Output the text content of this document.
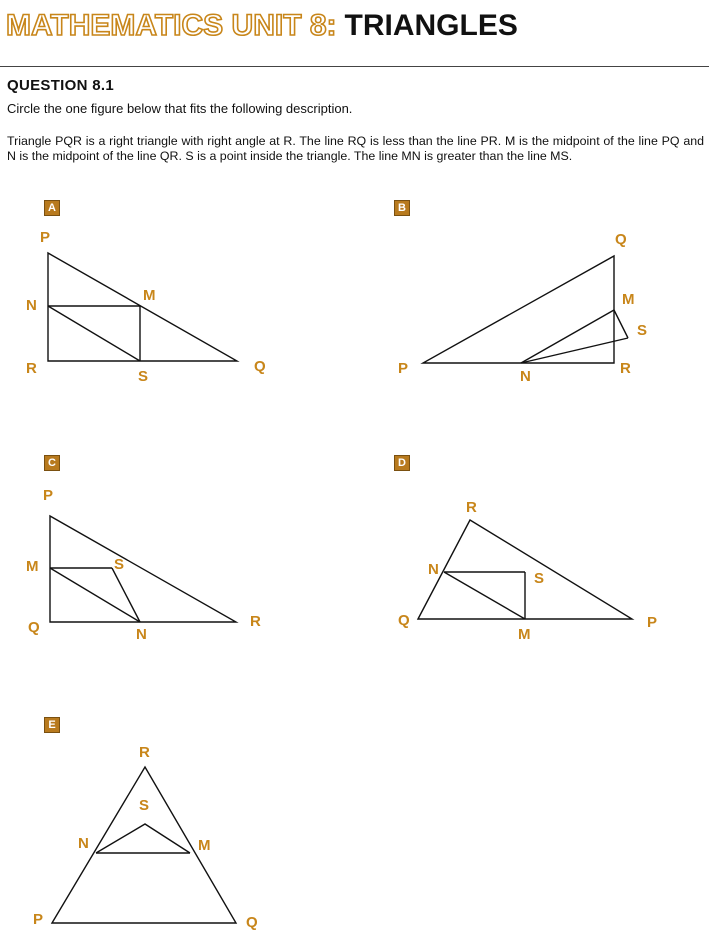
MATHEMATICS UNIT 8: TRIANGLES
QUESTION 8.1
Circle the one figure below that fits the following description.
Triangle PQR is a right triangle with right angle at R. The line RQ is less than the line PR. M is the midpoint of the line PQ and N is the midpoint of the line QR. S is a point inside the triangle. The line MN is greater than the line MS.
A
P
N
M
R	S
Q
B
Q
M
S
P	N	R
C
P
M	S
Q	N
R
D
R
N
S
Q
M
P
E
R
S
N	M
P	Q
